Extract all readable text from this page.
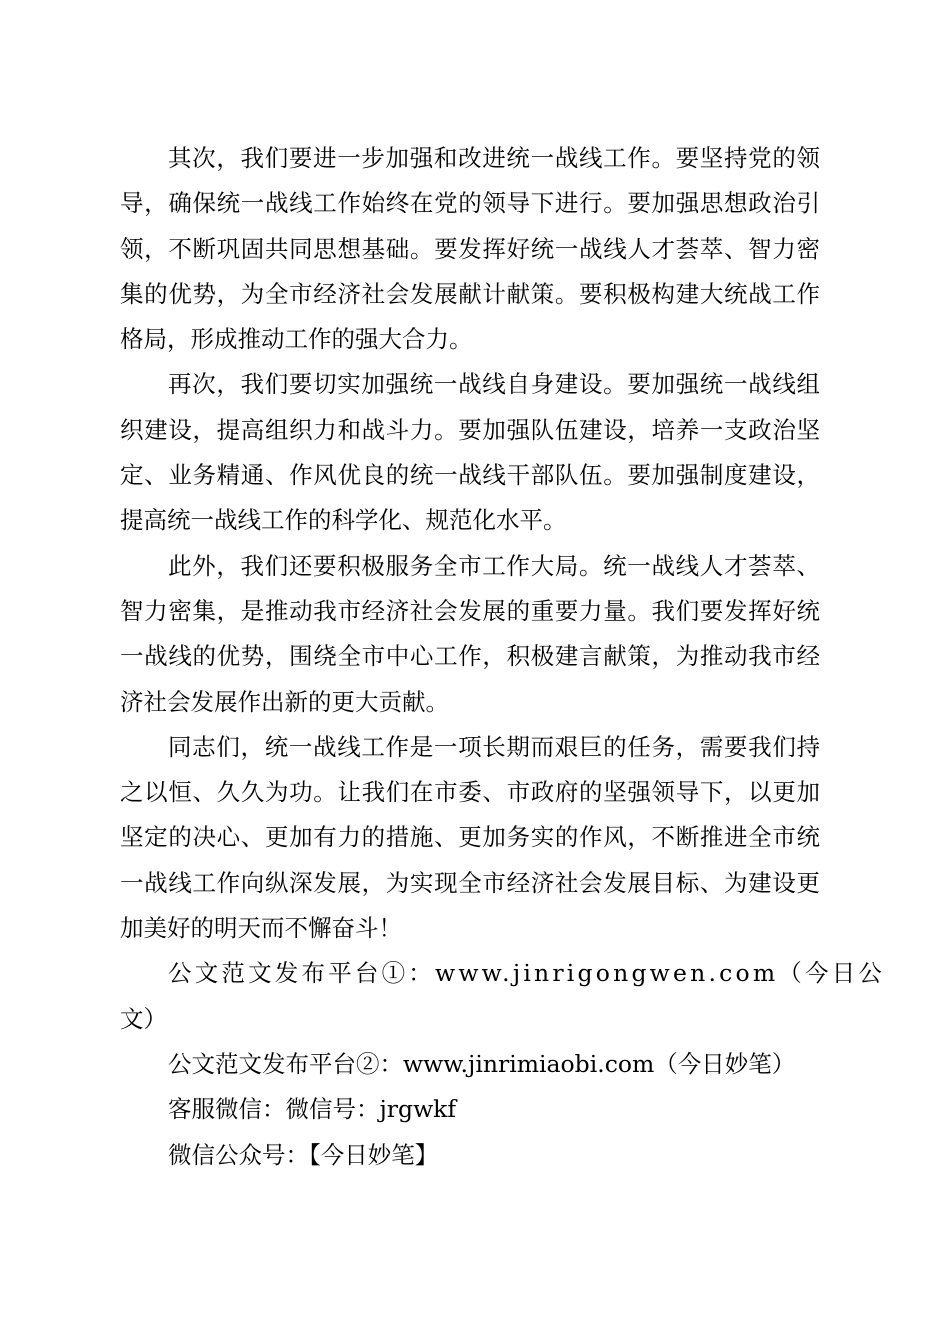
其次，我们要进一步加强和改进统一战线工作。要坚持党的领导，确保统一战线工作始终在党的领导下进行。要加强思想政治引领，不断巩固共同思想基础。要发挥好统一战线人才荟萃、智力密集的优势，为全市经济社会发展献计献策。要积极构建大统战工作格局，形成推动工作的强大合力。

再次，我们要切实加强统一战线自身建设。要加强统一战线组织建设，提高组织力和战斗力。要加强队伍建设，培养一支政治坚定、业务精通、作风优良的统一战线干部队伍。要加强制度建设，提高统一战线工作的科学化、规范化水平。

此外，我们还要积极服务全市工作大局。统一战线人才荟萃、智力密集，是推动我市经济社会发展的重要力量。我们要发挥好统一战线的优势，围绕全市中心工作，积极建言献策，为推动我市经济社会发展作出新的更大贡献。

同志们，统一战线工作是一项长期而艰巨的任务，需要我们持之以恒、久久为功。让我们在市委、市政府的坚强领导下，以更加坚定的决心、更加有力的措施、更加务实的作风，不断推进全市统一战线工作向纵深发展，为实现全市经济社会发展目标、为建设更加美好的明天而不懈奋斗！

公文范文发布平台①：www.jinrigongwen.com（今日公

文）

公文范文发布平台②：www.jinrimiaobi.com（今日妙笔）

客服微信：微信号：jrgwkf

微信公众号：【今日妙笔】
